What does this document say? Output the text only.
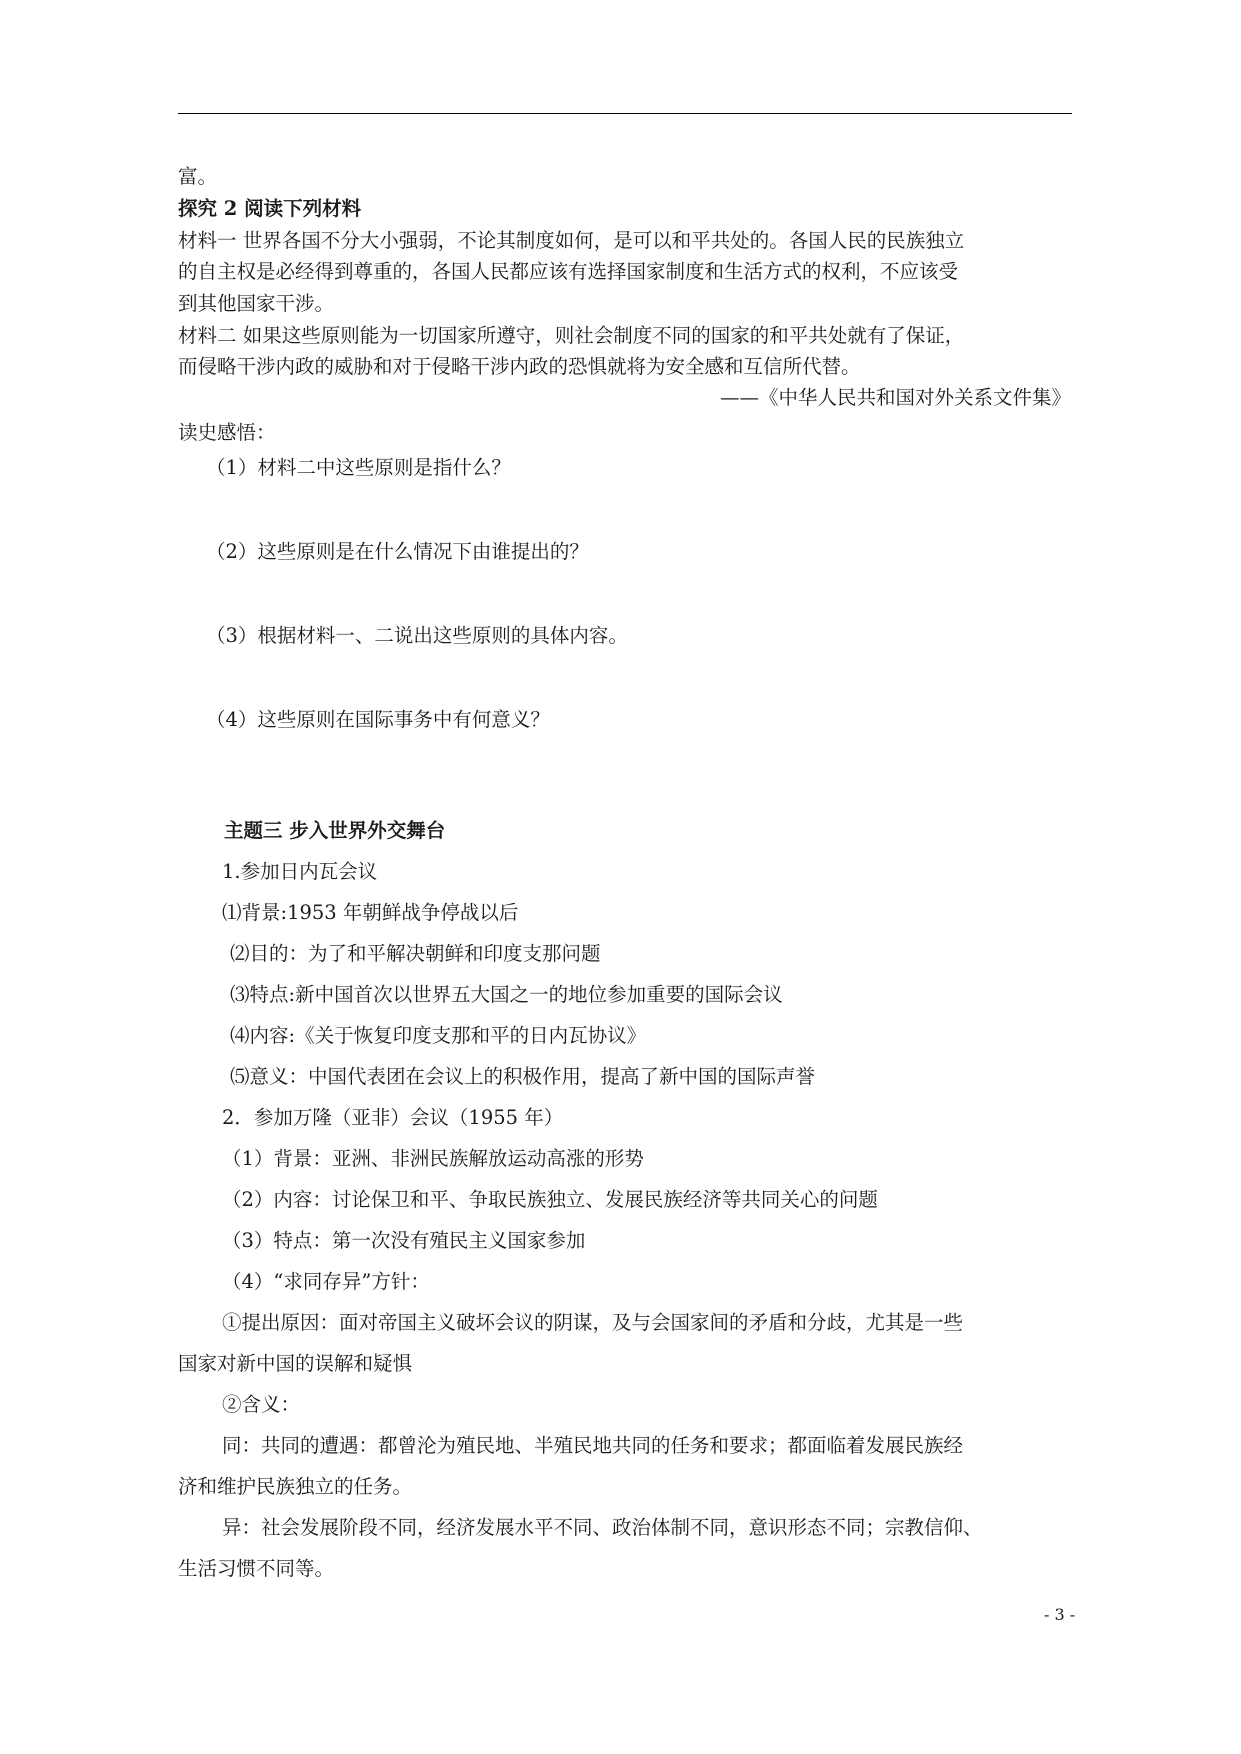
富。
探究 2 阅读下列材料
材料一 世界各国不分大小强弱，不论其制度如何，是可以和平共处的。各国人民的民族独立
的自主权是必经得到尊重的，各国人民都应该有选择国家制度和生活方式的权利，不应该受
到其他国家干涉。
材料二 如果这些原则能为一切国家所遵守，则社会制度不同的国家的和平共处就有了保证，
而侵略干涉内政的威胁和对于侵略干涉内政的恐惧就将为安全感和互信所代替。
——《中华人民共和国对外关系文件集》
读史感悟：
（1）材料二中这些原则是指什么？
（2）这些原则是在什么情况下由谁提出的？
（3）根据材料一、二说出这些原则的具体内容。
（4）这些原则在国际事务中有何意义？
主题三 步入世界外交舞台
1.参加日内瓦会议
⑴背景:1953 年朝鲜战争停战以后
⑵目的：为了和平解决朝鲜和印度支那问题
⑶特点:新中国首次以世界五大国之一的地位参加重要的国际会议
⑷内容:《关于恢复印度支那和平的日内瓦协议》
⑸意义：中国代表团在会议上的积极作用，提高了新中国的国际声誉
2．参加万隆（亚非）会议（1955 年）
（1）背景：亚洲、非洲民族解放运动高涨的形势
（2）内容：讨论保卫和平、争取民族独立、发展民族经济等共同关心的问题
（3）特点：第一次没有殖民主义国家参加
（4）“求同存异”方针：
①提出原因：面对帝国主义破坏会议的阴谋，及与会国家间的矛盾和分歧，尤其是一些
国家对新中国的误解和疑惧
②含义：
同：共同的遭遇：都曾沦为殖民地、半殖民地共同的任务和要求；都面临着发展民族经
济和维护民族独立的任务。
异：社会发展阶段不同，经济发展水平不同、政治体制不同，意识形态不同；宗教信仰、
生活习惯不同等。
- 3 -
